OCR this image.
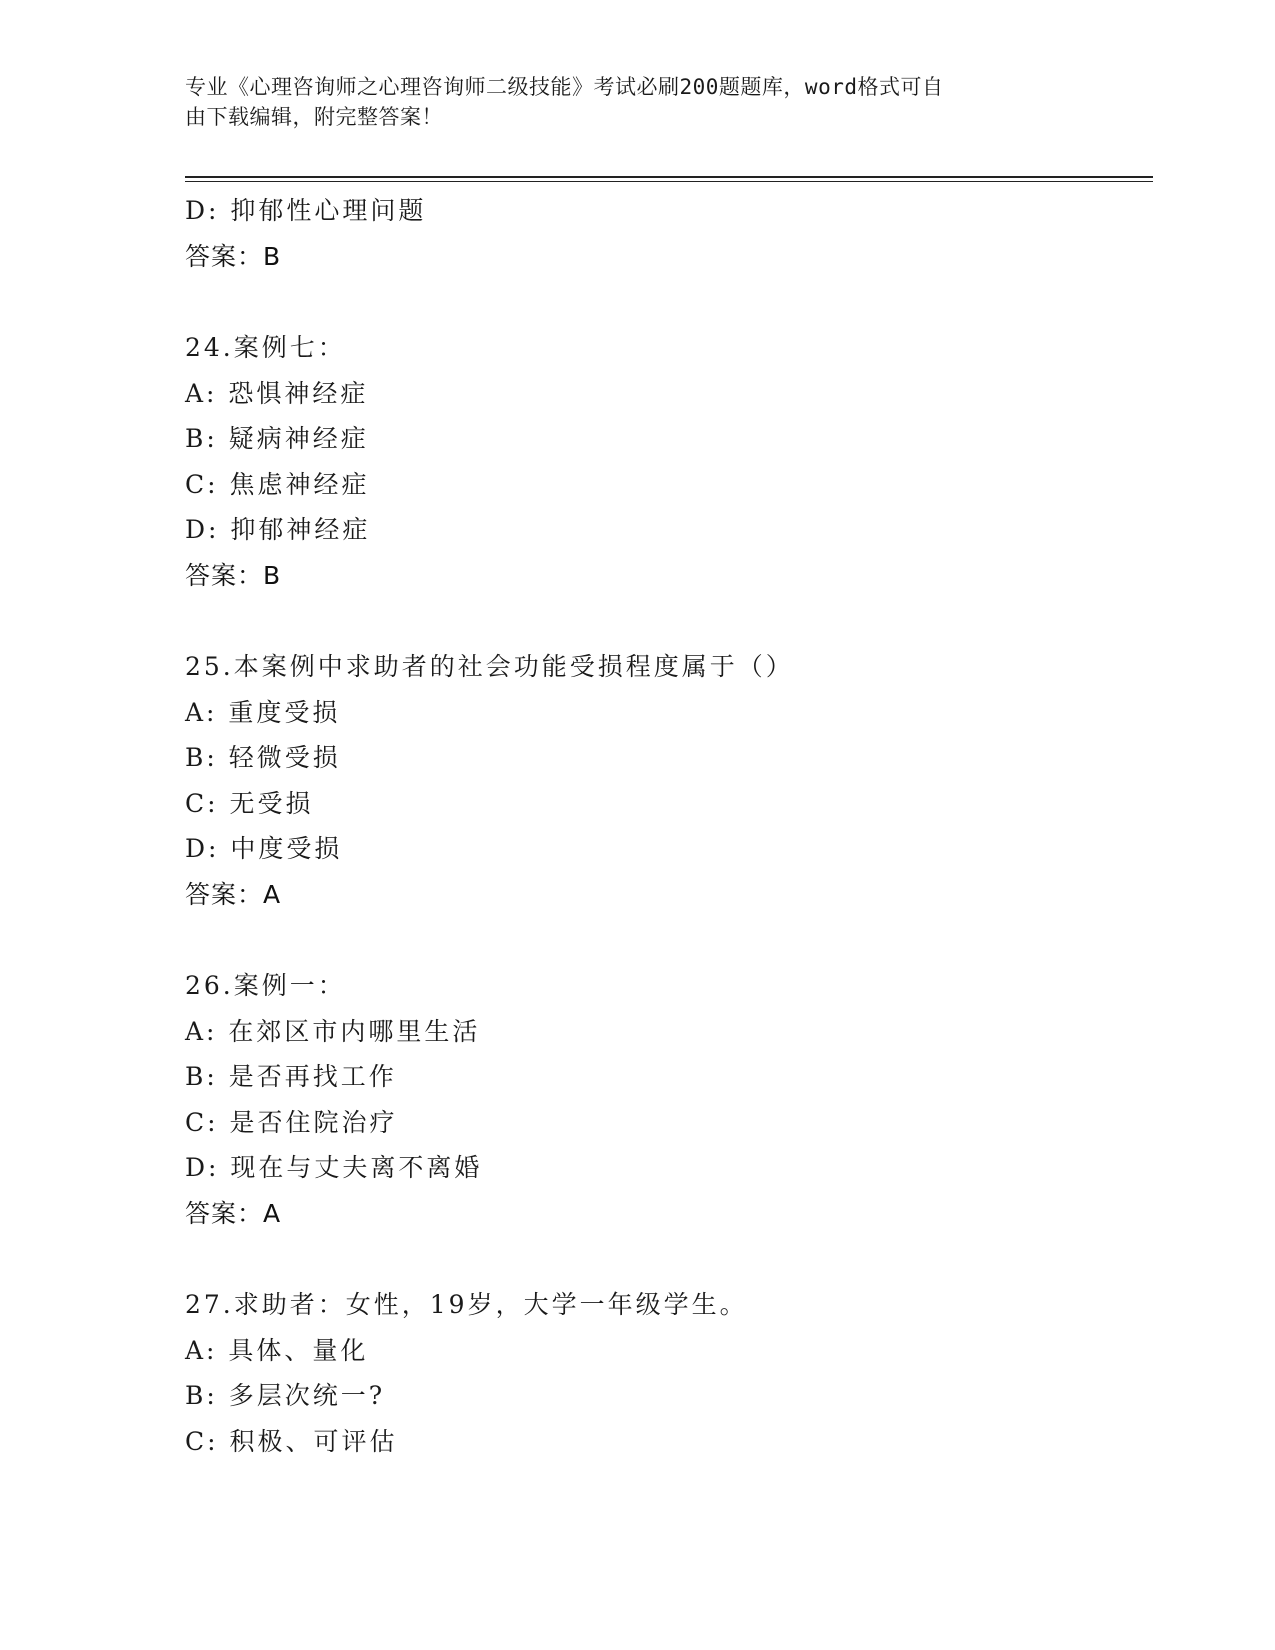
专业《心理咨询师之心理咨询师二级技能》考试必刷200题题库，word格式可自
由下载编辑，附完整答案！
D: 抑郁性心理问题
答案：B
24.案例七：
A: 恐惧神经症
B: 疑病神经症
C: 焦虑神经症
D: 抑郁神经症
答案：B
25.本案例中求助者的社会功能受损程度属于（）
A: 重度受损
B: 轻微受损
C: 无受损
D: 中度受损
答案：A
26.案例一：
A: 在郊区市内哪里生活
B: 是否再找工作
C: 是否住院治疗
D: 现在与丈夫离不离婚
答案：A
27.求助者：女性，19岁，大学一年级学生。
A: 具体、量化
B: 多层次统一?
C: 积极、可评估
